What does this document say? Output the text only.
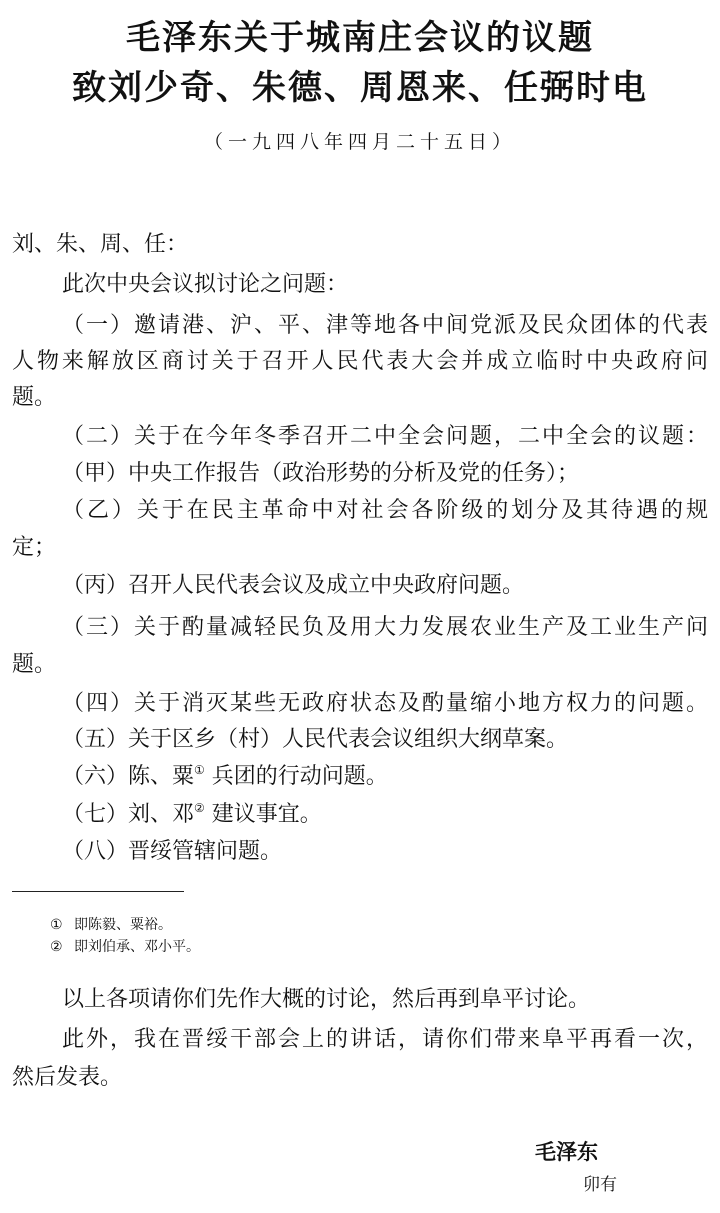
毛泽东关于城南庄会议的议题
致刘少奇、朱德、周恩来、任弼时电
（一九四八年四月二十五日）
刘、朱、周、任：
此次中央会议拟讨论之问题：
（一）邀请港、沪、平、津等地各中间党派及民众团体的代表
人物来解放区商讨关于召开人民代表大会并成立临时中央政府问
题。
（二）关于在今年冬季召开二中全会问题，二中全会的议题：
（甲）中央工作报告（政治形势的分析及党的任务）；
（乙）关于在民主革命中对社会各阶级的划分及其待遇的规
定；
（丙）召开人民代表会议及成立中央政府问题。
（三）关于酌量减轻民负及用大力发展农业生产及工业生产问
题。
（四）关于消灭某些无政府状态及酌量缩小地方权力的问题。
（五）关于区乡（村）人民代表会议组织大纲草案。
（六）陈、粟① 兵团的行动问题。
（七）刘、邓② 建议事宜。
（八）晋绥管辖问题。
① 即陈毅、粟裕。
② 即刘伯承、邓小平。
以上各项请你们先作大概的讨论，然后再到阜平讨论。
此外，我在晋绥干部会上的讲话，请你们带来阜平再看一次，
然后发表。
毛泽东
卯有
